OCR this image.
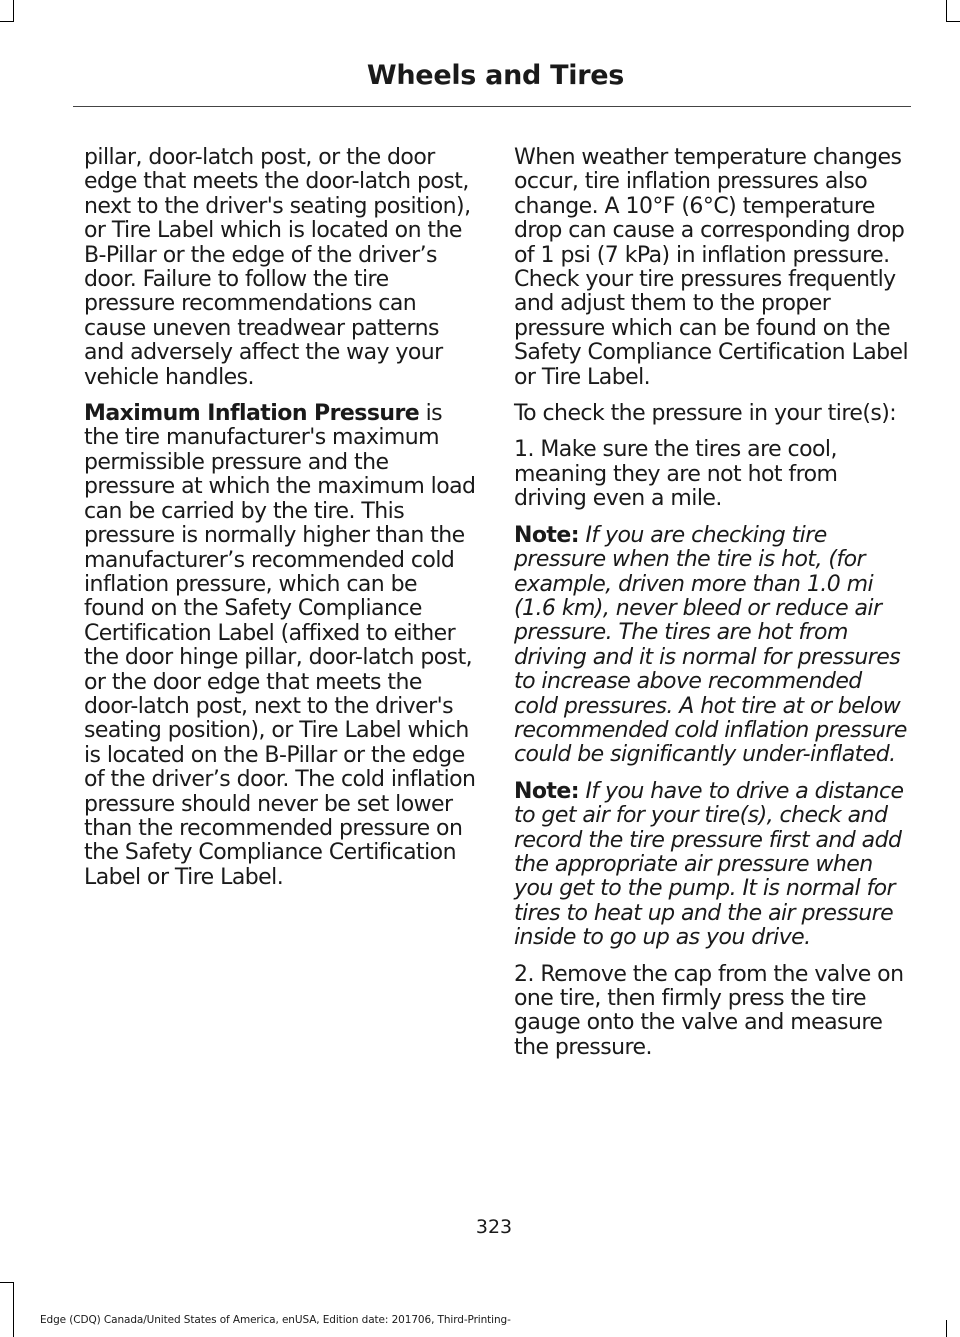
Wheels and Tires

pillar, door-latch post, or the door edge that meets the door-latch post, next to the driver's seating position), or Tire Label which is located on the B-Pillar or the edge of the driver’s door. Failure to follow the tire pressure recommendations can cause uneven treadwear patterns and adversely affect the way your vehicle handles.

Maximum Inflation Pressure is the tire manufacturer's maximum permissible pressure and the pressure at which the maximum load can be carried by the tire. This pressure is normally higher than the manufacturer’s recommended cold inflation pressure, which can be found on the Safety Compliance Certification Label (affixed to either the door hinge pillar, door-latch post, or the door edge that meets the door-latch post, next to the driver's seating position), or Tire Label which is located on the B-Pillar or the edge of the driver’s door. The cold inflation pressure should never be set lower than the recommended pressure on the Safety Compliance Certification Label or Tire Label.

When weather temperature changes occur, tire inflation pressures also change. A 10°F (6°C) temperature drop can cause a corresponding drop of 1 psi (7 kPa) in inflation pressure. Check your tire pressures frequently and adjust them to the proper pressure which can be found on the Safety Compliance Certification Label or Tire Label.

To check the pressure in your tire(s):

1. Make sure the tires are cool, meaning they are not hot from driving even a mile.

Note: If you are checking tire pressure when the tire is hot, (for example, driven more than 1.0 mi (1.6 km), never bleed or reduce air pressure. The tires are hot from driving and it is normal for pressures to increase above recommended cold pressures. A hot tire at or below recommended cold inflation pressure could be significantly under-inflated.

Note: If you have to drive a distance to get air for your tire(s), check and record the tire pressure first and add the appropriate air pressure when you get to the pump. It is normal for tires to heat up and the air pressure inside to go up as you drive.

2. Remove the cap from the valve on one tire, then firmly press the tire gauge onto the valve and measure the pressure.

323
Edge (CDQ) Canada/United States of America, enUSA, Edition date: 201706, Third-Printing-
